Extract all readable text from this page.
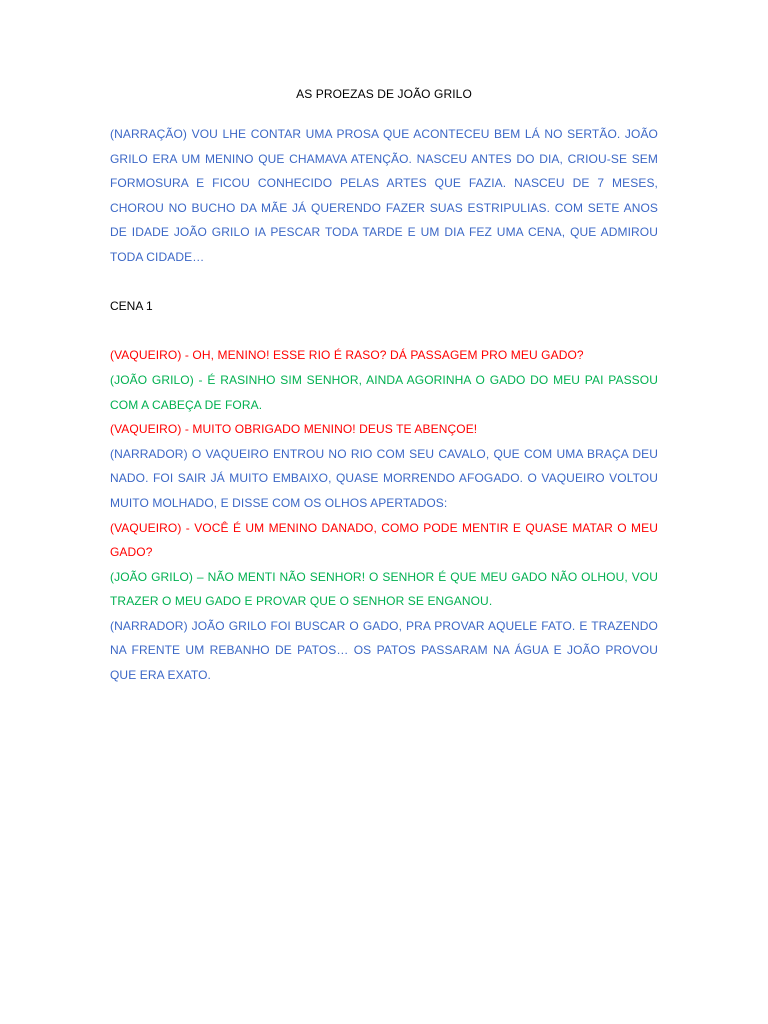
AS PROEZAS DE JOÃO GRILO

(NARRAÇÃO) VOU LHE CONTAR UMA PROSA QUE ACONTECEU BEM LÁ NO SERTÃO. JOÃO GRILO ERA UM MENINO QUE CHAMAVA ATENÇÃO. NASCEU ANTES DO DIA, CRIOU-SE SEM FORMOSURA E FICOU CONHECIDO PELAS ARTES QUE FAZIA. NASCEU DE 7 MESES, CHOROU NO BUCHO DA MÃE JÁ QUERENDO FAZER SUAS ESTRIPULIAS. COM SETE ANOS DE IDADE JOÃO GRILO IA PESCAR TODA TARDE E UM DIA FEZ UMA CENA, QUE ADMIROU TODA CIDADE…

CENA 1

(VAQUEIRO) - OH, MENINO! ESSE RIO É RASO? DÁ PASSAGEM PRO MEU GADO?

(JOÃO GRILO) - É RASINHO SIM SENHOR, AINDA AGORINHA O GADO DO MEU PAI PASSOU COM A CABEÇA DE FORA.

(VAQUEIRO) - MUITO OBRIGADO MENINO! DEUS TE ABENÇOE!

(NARRADOR) O VAQUEIRO ENTROU NO RIO COM SEU CAVALO, QUE COM UMA BRAÇA DEU NADO. FOI SAIR JÁ MUITO EMBAIXO, QUASE MORRENDO AFOGADO. O VAQUEIRO VOLTOU MUITO MOLHADO, E DISSE COM OS OLHOS APERTADOS:

(VAQUEIRO) - VOCÊ É UM MENINO DANADO, COMO PODE MENTIR E QUASE MATAR O MEU GADO?

(JOÃO GRILO) – NÃO MENTI NÃO SENHOR! O SENHOR É QUE MEU GADO NÃO OLHOU, VOU TRAZER O MEU GADO E PROVAR QUE O SENHOR SE ENGANOU.

(NARRADOR) JOÃO GRILO FOI BUSCAR O GADO, PRA PROVAR AQUELE FATO. E TRAZENDO NA FRENTE UM REBANHO DE PATOS… OS PATOS PASSARAM NA ÁGUA E JOÃO PROVOU QUE ERA EXATO.
